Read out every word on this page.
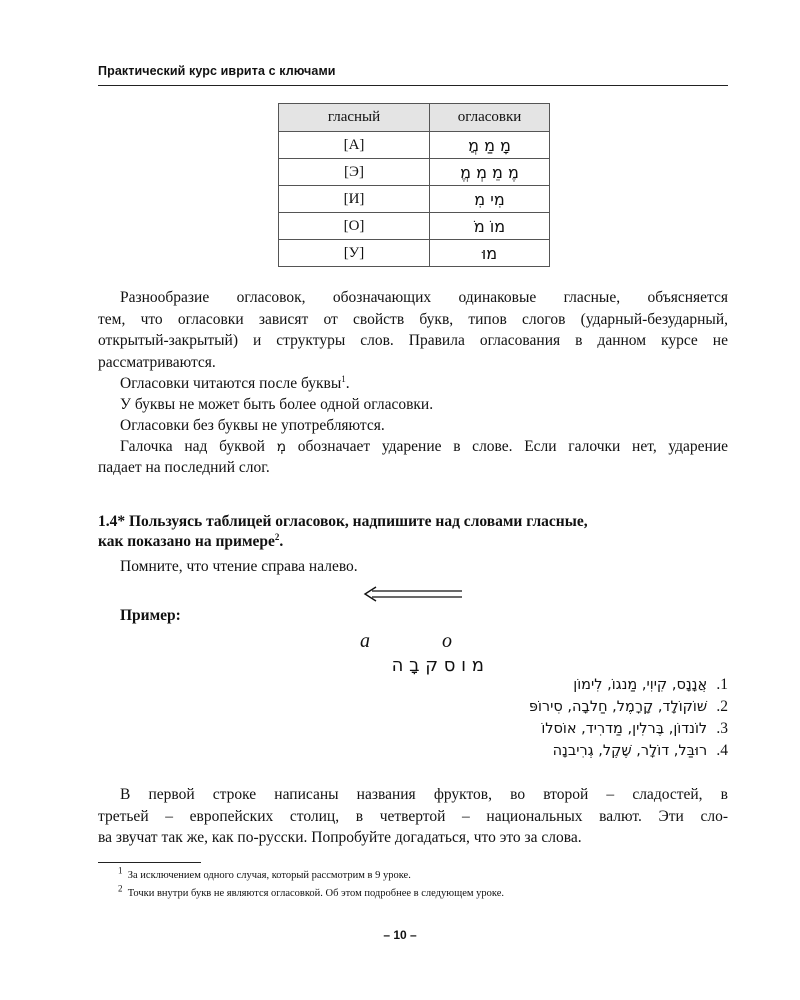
Практический курс иврита с ключами
гласный	огласовки
[А]	מָ מַ מֲ
[Э]	מֶ מֵ מְ מֱ
[И]	מִי מִ
[О]	מוֹ מֹ
[У]	מוּ
Разнообразие огласовок, обозначающих одинаковые гласные, объясняется
тем, что огласовки зависят от свойств букв, типов слогов (ударный-безударный,
открытый-закрытый) и структуры слов. Правила огласования в данном курсе не
рассматриваются.
Огласовки читаются после буквы$^1$.
У буквы не может быть более одной огласовки.
Огласовки без буквы не употребляются.
Галочка над буквой מֽ обозначает ударение в слове. Если галочки нет, ударение
падает на последний слог.
1.4* Пользуясь таблицей огласовок, надпишите над словами гласные,
как показано на примере$^2$.
Помните, что чтение справа налево.
Пример:
a	o
מ ו ס ק בָ ה
1.  אֲנָנָס, קִיוִי, מַנגוֹ, לִימוֹן
2.  שׁוֹקוֹלָד, קָרָמֶל, חַלבָה, סִירוֹפּ
3.  לוֹנדוֹן, בֶּרלִין, מַדרִיד, אוֹסלוֹ
4.  רוּבַּל, דוֹלָר, שֶׁקֶל, גְרִיבנָה
В первой строке написаны названия фруктов, во второй – сладостей, в
третьей – европейских столиц, в четвертой – национальных валют. Эти сло-
ва звучат так же, как по-русски. Попробуйте догадаться, что это за слова.
$^1$ За исключением одного случая, который рассмотрим в 9 уроке.
$^2$ Точки внутри букв не являются огласовкой. Об этом подробнее в следующем уроке.
– 10 –
